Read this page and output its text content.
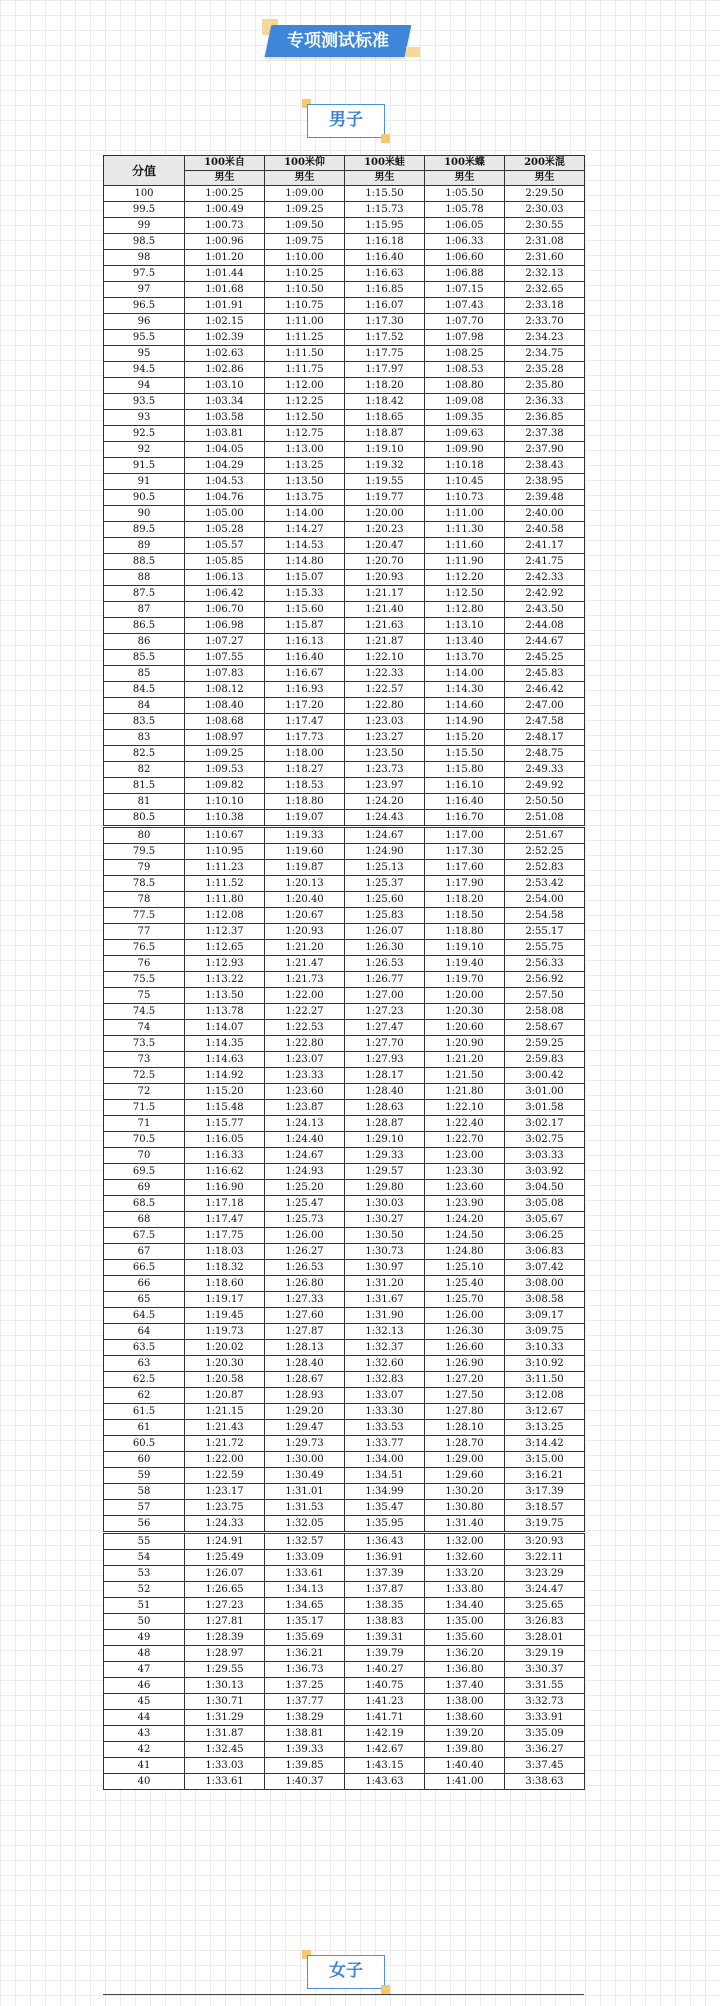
专项测试标准
男子
分值	100米自	100米仰	100米蛙	100米蝶	200米混
	男生	男生	男生	男生	男生
100	1:00.25	1:09.00	1:15.50	1:05.50	2:29.50
99.5	1:00.49	1:09.25	1:15.73	1:05.78	2:30.03
99	1:00.73	1:09.50	1:15.95	1:06.05	2:30.55
98.5	1:00.96	1:09.75	1:16.18	1:06.33	2:31.08
98	1:01.20	1:10.00	1:16.40	1:06.60	2:31.60
97.5	1:01.44	1:10.25	1:16.63	1:06.88	2:32.13
97	1:01.68	1:10.50	1:16.85	1:07.15	2:32.65
96.5	1:01.91	1:10.75	1:16.07	1:07.43	2:33.18
96	1:02.15	1:11.00	1:17.30	1:07.70	2:33.70
95.5	1:02.39	1:11.25	1:17.52	1:07.98	2:34.23
95	1:02.63	1:11.50	1:17.75	1:08.25	2:34.75
94.5	1:02.86	1:11.75	1:17.97	1:08.53	2:35.28
94	1:03.10	1:12.00	1:18.20	1:08.80	2:35.80
93.5	1:03.34	1:12.25	1:18.42	1:09.08	2:36.33
93	1:03.58	1:12.50	1:18.65	1:09.35	2:36.85
92.5	1:03.81	1:12.75	1:18.87	1:09.63	2:37.38
92	1:04.05	1:13.00	1:19.10	1:09.90	2:37.90
91.5	1:04.29	1:13.25	1:19.32	1:10.18	2:38.43
91	1:04.53	1:13.50	1:19.55	1:10.45	2:38.95
90.5	1:04.76	1:13.75	1:19.77	1:10.73	2:39.48
90	1:05.00	1:14.00	1:20.00	1:11.00	2:40.00
89.5	1:05.28	1:14.27	1:20.23	1:11.30	2:40.58
89	1:05.57	1:14.53	1:20.47	1:11.60	2:41.17
88.5	1:05.85	1:14.80	1:20.70	1:11.90	2:41.75
88	1:06.13	1:15.07	1:20.93	1:12.20	2:42.33
87.5	1:06.42	1:15.33	1:21.17	1:12.50	2:42.92
87	1:06.70	1:15.60	1:21.40	1:12.80	2:43.50
86.5	1:06.98	1:15.87	1:21.63	1:13.10	2:44.08
86	1:07.27	1:16.13	1:21.87	1:13.40	2:44.67
85.5	1:07.55	1:16.40	1:22.10	1:13.70	2:45.25
85	1:07.83	1:16.67	1:22.33	1:14.00	2:45.83
84.5	1:08.12	1:16.93	1:22.57	1:14.30	2:46.42
84	1:08.40	1:17.20	1:22.80	1:14.60	2:47.00
83.5	1:08.68	1:17.47	1:23.03	1:14.90	2:47.58
83	1:08.97	1:17.73	1:23.27	1:15.20	2:48.17
82.5	1:09.25	1:18.00	1:23.50	1:15.50	2:48.75
82	1:09.53	1:18.27	1:23.73	1:15.80	2:49.33
81.5	1:09.82	1:18.53	1:23.97	1:16.10	2:49.92
81	1:10.10	1:18.80	1:24.20	1:16.40	2:50.50
80.5	1:10.38	1:19.07	1:24.43	1:16.70	2:51.08
80	1:10.67	1:19.33	1:24.67	1:17.00	2:51.67
79.5	1:10.95	1:19.60	1:24.90	1:17.30	2:52.25
79	1:11.23	1:19.87	1:25.13	1:17.60	2:52.83
78.5	1:11.52	1:20.13	1:25.37	1:17.90	2:53.42
78	1:11.80	1:20.40	1:25.60	1:18.20	2:54.00
77.5	1:12.08	1:20.67	1:25.83	1:18.50	2:54.58
77	1:12.37	1:20.93	1:26.07	1:18.80	2:55.17
76.5	1:12.65	1:21.20	1:26.30	1:19.10	2:55.75
76	1:12.93	1:21.47	1:26.53	1:19.40	2:56.33
75.5	1:13.22	1:21.73	1:26.77	1:19.70	2:56.92
75	1:13.50	1:22.00	1:27.00	1:20.00	2:57.50
74.5	1:13.78	1:22.27	1:27.23	1:20.30	2:58.08
74	1:14.07	1:22.53	1:27.47	1:20.60	2:58.67
73.5	1:14.35	1:22.80	1:27.70	1:20.90	2:59.25
73	1:14.63	1:23.07	1:27.93	1:21.20	2:59.83
72.5	1:14.92	1:23.33	1:28.17	1:21.50	3:00.42
72	1:15.20	1:23.60	1:28.40	1:21.80	3:01.00
71.5	1:15.48	1:23.87	1:28.63	1:22.10	3:01.58
71	1:15.77	1:24.13	1:28.87	1:22.40	3:02.17
70.5	1:16.05	1:24.40	1:29.10	1:22.70	3:02.75
70	1:16.33	1:24.67	1:29.33	1:23.00	3:03.33
69.5	1:16.62	1:24.93	1:29.57	1:23.30	3:03.92
69	1:16.90	1:25.20	1:29.80	1:23.60	3:04.50
68.5	1:17.18	1:25.47	1:30.03	1:23.90	3:05.08
68	1:17.47	1:25.73	1:30.27	1:24.20	3:05.67
67.5	1:17.75	1:26.00	1:30.50	1:24.50	3:06.25
67	1:18.03	1:26.27	1:30.73	1:24.80	3:06.83
66.5	1:18.32	1:26.53	1:30.97	1:25.10	3:07.42
66	1:18.60	1:26.80	1:31.20	1:25.40	3:08.00
65	1:19.17	1:27.33	1:31.67	1:25.70	3:08.58
64.5	1:19.45	1:27.60	1:31.90	1:26.00	3:09.17
64	1:19.73	1:27.87	1:32.13	1:26.30	3:09.75
63.5	1:20.02	1:28.13	1:32.37	1:26.60	3:10.33
63	1:20.30	1:28.40	1:32.60	1:26.90	3:10.92
62.5	1:20.58	1:28.67	1:32.83	1:27.20	3:11.50
62	1:20.87	1:28.93	1:33.07	1:27.50	3:12.08
61.5	1:21.15	1:29.20	1:33.30	1:27.80	3:12.67
61	1:21.43	1:29.47	1:33.53	1:28.10	3:13.25
60.5	1:21.72	1:29.73	1:33.77	1:28.70	3:14.42
60	1:22.00	1:30.00	1:34.00	1:29.00	3:15.00
59	1:22.59	1:30.49	1:34.51	1:29.60	3:16.21
58	1:23.17	1:31.01	1:34.99	1:30.20	3:17.39
57	1:23.75	1:31.53	1:35.47	1:30.80	3:18.57
56	1:24.33	1:32.05	1:35.95	1:31.40	3:19.75
55	1:24.91	1:32.57	1:36.43	1:32.00	3:20.93
54	1:25.49	1:33.09	1:36.91	1:32.60	3:22.11
53	1:26.07	1:33.61	1:37.39	1:33.20	3:23.29
52	1:26.65	1:34.13	1:37.87	1:33.80	3:24.47
51	1:27.23	1:34.65	1:38.35	1:34.40	3:25.65
50	1:27.81	1:35.17	1:38.83	1:35.00	3:26.83
49	1:28.39	1:35.69	1:39.31	1:35.60	3:28.01
48	1:28.97	1:36.21	1:39.79	1:36.20	3:29.19
47	1:29.55	1:36.73	1:40.27	1:36.80	3:30.37
46	1:30.13	1:37.25	1:40.75	1:37.40	3:31.55
45	1:30.71	1:37.77	1:41.23	1:38.00	3:32.73
44	1:31.29	1:38.29	1:41.71	1:38.60	3:33.91
43	1:31.87	1:38.81	1:42.19	1:39.20	3:35.09
42	1:32.45	1:39.33	1:42.67	1:39.80	3:36.27
41	1:33.03	1:39.85	1:43.15	1:40.40	3:37.45
40	1:33.61	1:40.37	1:43.63	1:41.00	3:38.63
女子
